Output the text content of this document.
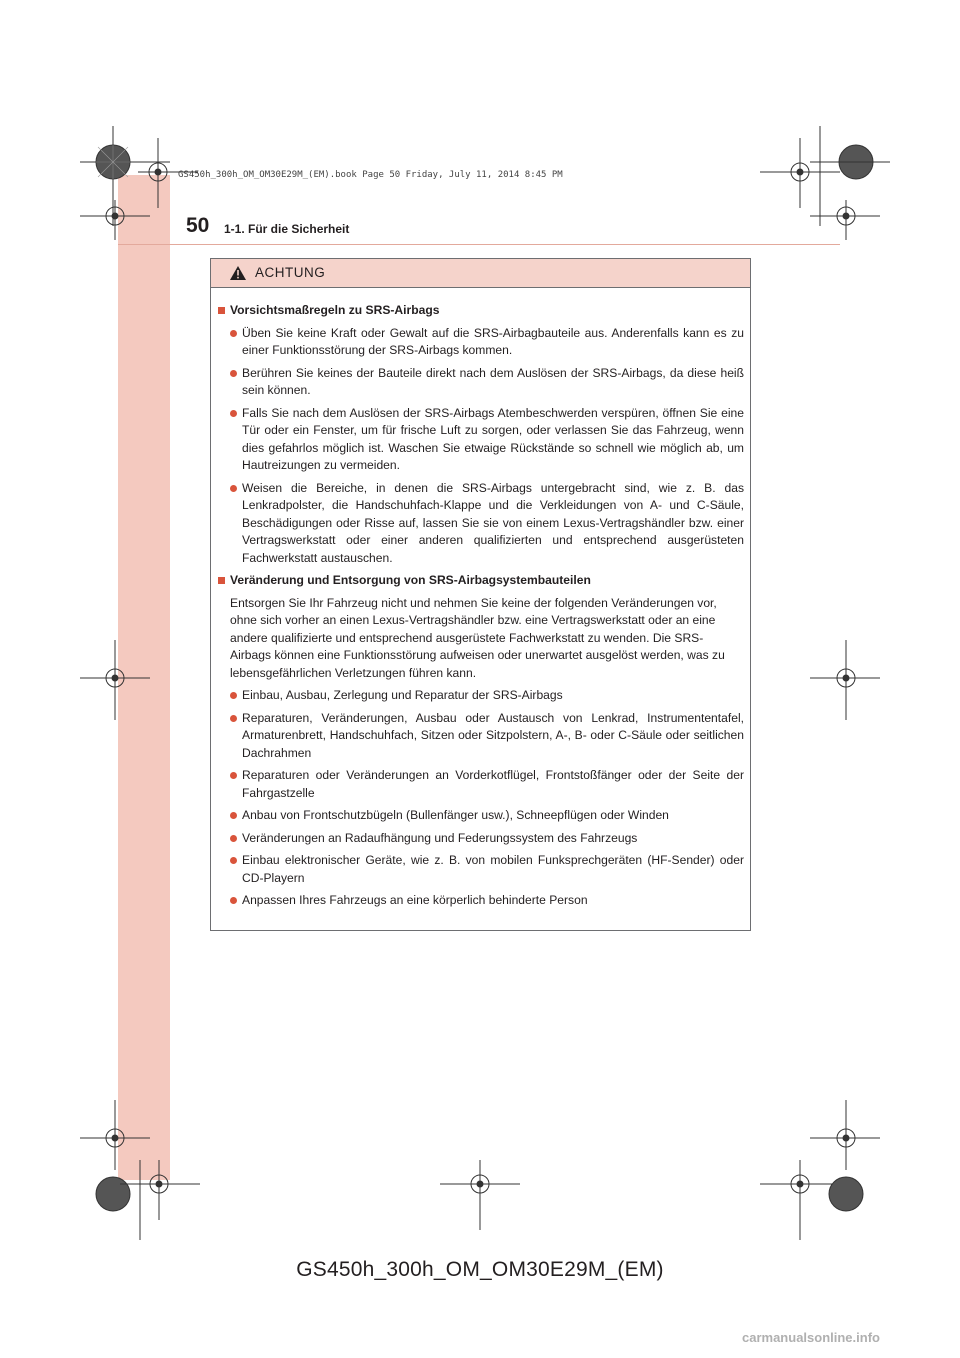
GS450h_300h_OM_OM30E29M_(EM).book Page 50 Friday, July 11, 2014 8:45 PM
50 1-1. Für die Sicherheit
ACHTUNG
Vorsichtsmaßregeln zu SRS-Airbags
Üben Sie keine Kraft oder Gewalt auf die SRS-Airbagbauteile aus. Anderenfalls kann es zu einer Funktionsstörung der SRS-Airbags kommen.
Berühren Sie keines der Bauteile direkt nach dem Auslösen der SRS-Airbags, da diese heiß sein können.
Falls Sie nach dem Auslösen der SRS-Airbags Atembeschwerden verspüren, öffnen Sie eine Tür oder ein Fenster, um für frische Luft zu sorgen, oder verlassen Sie das Fahrzeug, wenn dies gefahrlos möglich ist. Waschen Sie etwaige Rückstände so schnell wie möglich ab, um Hautreizungen zu vermeiden.
Weisen die Bereiche, in denen die SRS-Airbags untergebracht sind, wie z. B. das Lenkradpolster, die Handschuhfach-Klappe und die Verkleidungen von A- und C-Säule, Beschädigungen oder Risse auf, lassen Sie sie von einem Lexus-Vertragshändler bzw. einer Vertragswerkstatt oder einer anderen qualifizierten und entsprechend ausgerüsteten Fachwerkstatt austauschen.
Veränderung und Entsorgung von SRS-Airbagsystembauteilen
Entsorgen Sie Ihr Fahrzeug nicht und nehmen Sie keine der folgenden Veränderungen vor, ohne sich vorher an einen Lexus-Vertragshändler bzw. eine Vertragswerkstatt oder an eine andere qualifizierte und entsprechend ausgerüstete Fachwerkstatt zu wenden. Die SRS-Airbags können eine Funktionsstörung aufweisen oder unerwartet ausgelöst werden, was zu lebensgefährlichen Verletzungen führen kann.
Einbau, Ausbau, Zerlegung und Reparatur der SRS-Airbags
Reparaturen, Veränderungen, Ausbau oder Austausch von Lenkrad, Instrumententafel, Armaturenbrett, Handschuhfach, Sitzen oder Sitzpolstern, A-, B- oder C-Säule oder seitlichen Dachrahmen
Reparaturen oder Veränderungen an Vorderkotflügel, Frontstoßfänger oder der Seite der Fahrgastzelle
Anbau von Frontschutzbügeln (Bullenfänger usw.), Schneepflügen oder Winden
Veränderungen an Radaufhängung und Federungssystem des Fahrzeugs
Einbau elektronischer Geräte, wie z. B. von mobilen Funksprechgeräten (HF-Sender) oder CD-Playern
Anpassen Ihres Fahrzeugs an eine körperlich behinderte Person
GS450h_300h_OM_OM30E29M_(EM)
carmanualsonline.info
